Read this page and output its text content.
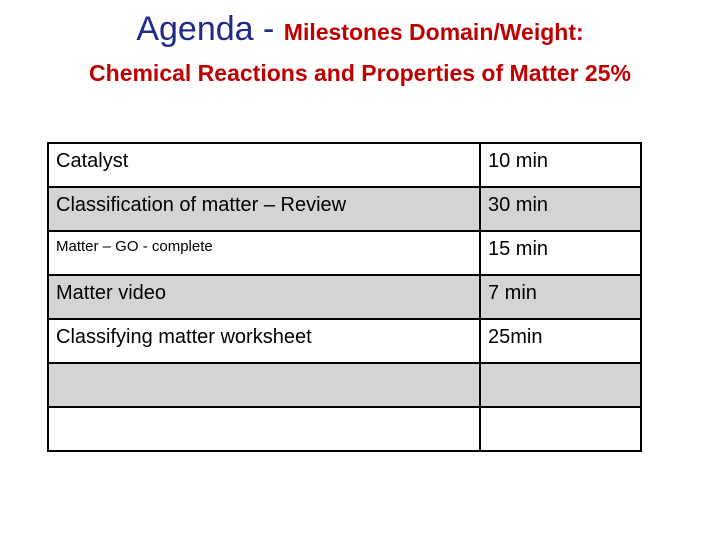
Agenda - Milestones Domain/Weight:
Chemical Reactions and Properties of Matter 25%
Catalyst	10 min
Classification of matter – Review	30 min
Matter – GO - complete	15 min
Matter video	7 min
Classifying matter worksheet	25min
